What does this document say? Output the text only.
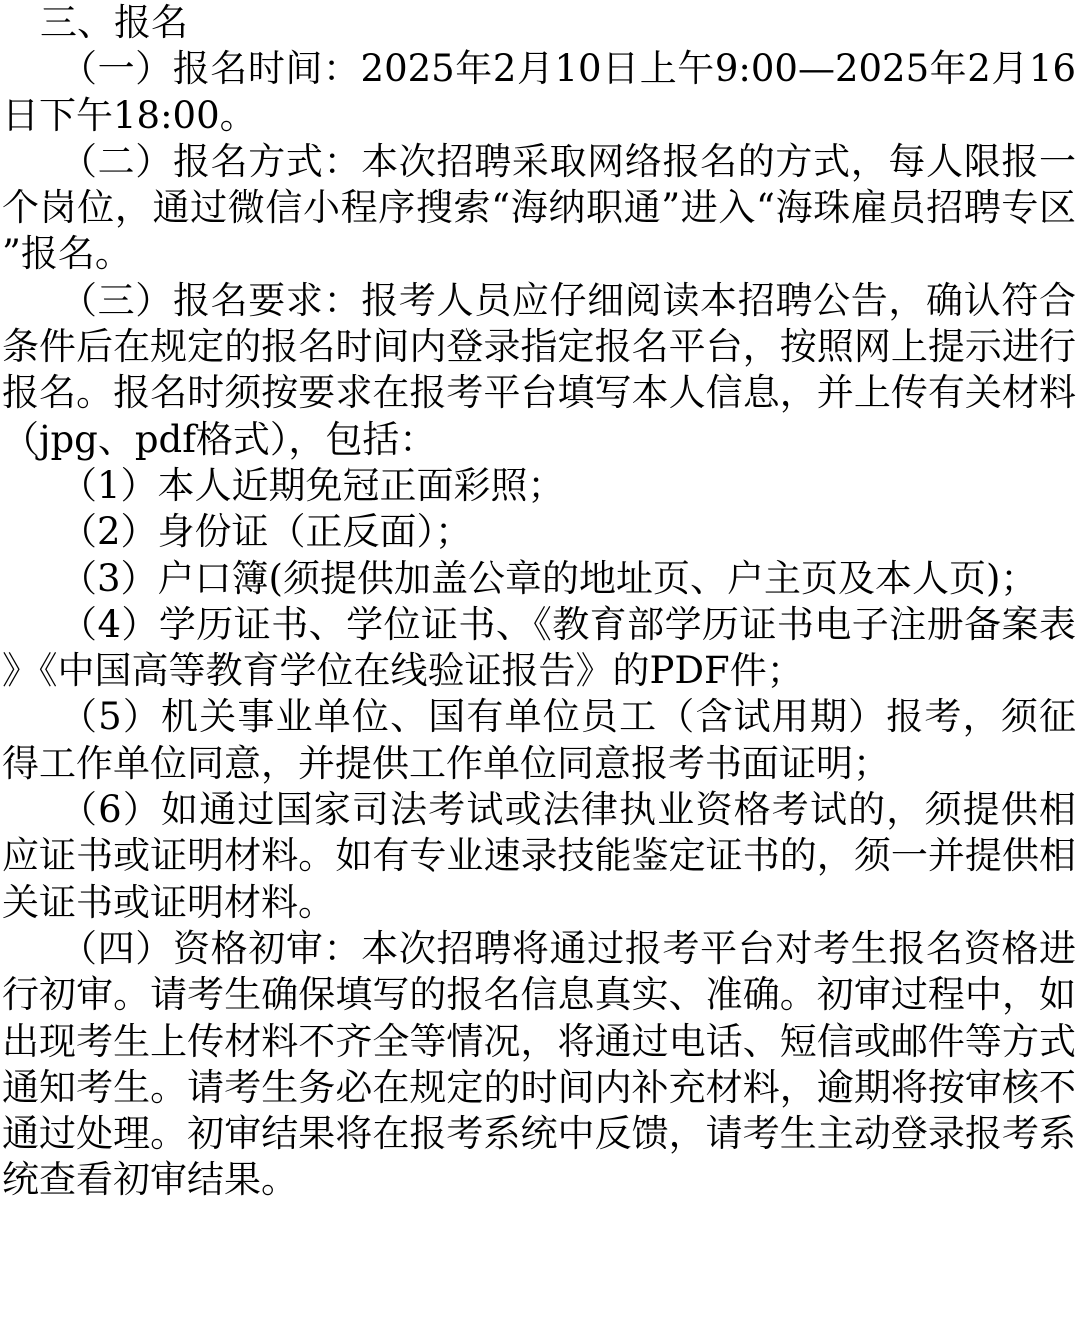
三、报名

（一）报名时间：2025年2月10日上午9:00—2025年2月16日下午18:00。

（二）报名方式：本次招聘采取网络报名的方式，每人限报一个岗位，通过微信小程序搜索“海纳职通”进入“海珠雇员招聘专区”报名。

（三）报名要求：报考人员应仔细阅读本招聘公告，确认符合条件后在规定的报名时间内登录指定报名平台，按照网上提示进行报名。报名时须按要求在报考平台填写本人信息，并上传有关材料（jpg、pdf格式），包括：

（1）本人近期免冠正面彩照；

（2）身份证（正反面）；

（3）户口簿(须提供加盖公章的地址页、户主页及本人页)；

（4）学历证书、学位证书、《教育部学历证书电子注册备案表》《中国高等教育学位在线验证报告》的PDF件；

（5）机关事业单位、国有单位员工（含试用期）报考，须征得工作单位同意，并提供工作单位同意报考书面证明；

（6）如通过国家司法考试或法律执业资格考试的，须提供相应证书或证明材料。如有专业速录技能鉴定证书的，须一并提供相关证书或证明材料。

（四）资格初审：本次招聘将通过报考平台对考生报名资格进行初审。请考生确保填写的报名信息真实、准确。初审过程中，如出现考生上传材料不齐全等情况，将通过电话、短信或邮件等方式通知考生。请考生务必在规定的时间内补充材料，逾期将按审核不通过处理。初审结果将在报考系统中反馈，请考生主动登录报考系统查看初审结果。
